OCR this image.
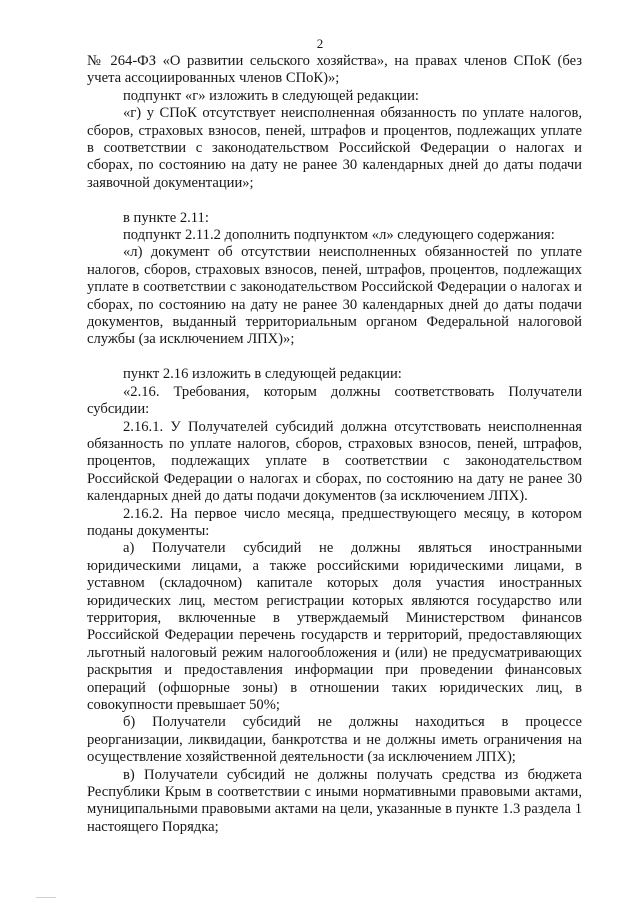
2

№ 264-ФЗ «О развитии сельского хозяйства», на правах членов СПоК (без учета ассоциированных членов СПоК)»;

подпункт «г» изложить в следующей редакции:

«г) у СПоК отсутствует неисполненная обязанность по уплате налогов, сборов, страховых взносов, пеней, штрафов и процентов, подлежащих уплате в соответствии с законодательством Российской Федерации о налогах и сборах, по состоянию на дату не ранее 30 календарных дней до даты подачи заявочной документации»;

в пункте 2.11:

подпункт 2.11.2 дополнить подпунктом «л» следующего содержания:

«л) документ об отсутствии неисполненных обязанностей по уплате налогов, сборов, страховых взносов, пеней, штрафов, процентов, подлежащих уплате в соответствии с законодательством Российской Федерации о налогах и сборах, по состоянию на дату не ранее 30 календарных дней до даты подачи документов, выданный территориальным органом Федеральной налоговой службы (за исключением ЛПХ)»;

пункт 2.16 изложить в следующей редакции:

«2.16. Требования, которым должны соответствовать Получатели субсидии:

2.16.1. У Получателей субсидий должна отсутствовать неисполненная обязанность по уплате налогов, сборов, страховых взносов, пеней, штрафов, процентов, подлежащих уплате в соответствии с законодательством Российской Федерации о налогах и сборах, по состоянию на дату не ранее 30 календарных дней до даты подачи документов (за исключением ЛПХ).

2.16.2. На первое число месяца, предшествующего месяцу, в котором поданы документы:

а) Получатели субсидий не должны являться иностранными юридическими лицами, а также российскими юридическими лицами, в уставном (складочном) капитале которых доля участия иностранных юридических лиц, местом регистрации которых являются государство или территория, включенные в утверждаемый Министерством финансов Российской Федерации перечень государств и территорий, предоставляющих льготный налоговый режим налогообложения и (или) не предусматривающих раскрытия и предоставления информации при проведении финансовых операций (офшорные зоны) в отношении таких юридических лиц, в совокупности превышает 50%;

б) Получатели субсидий не должны находиться в процессе реорганизации, ликвидации, банкротства и не должны иметь ограничения на осуществление хозяйственной деятельности (за исключением ЛПХ);

в) Получатели субсидий не должны получать средства из бюджета Республики Крым в соответствии с иными нормативными правовыми актами, муниципальными правовыми актами на цели, указанные в пункте 1.3 раздела 1 настоящего Порядка;
